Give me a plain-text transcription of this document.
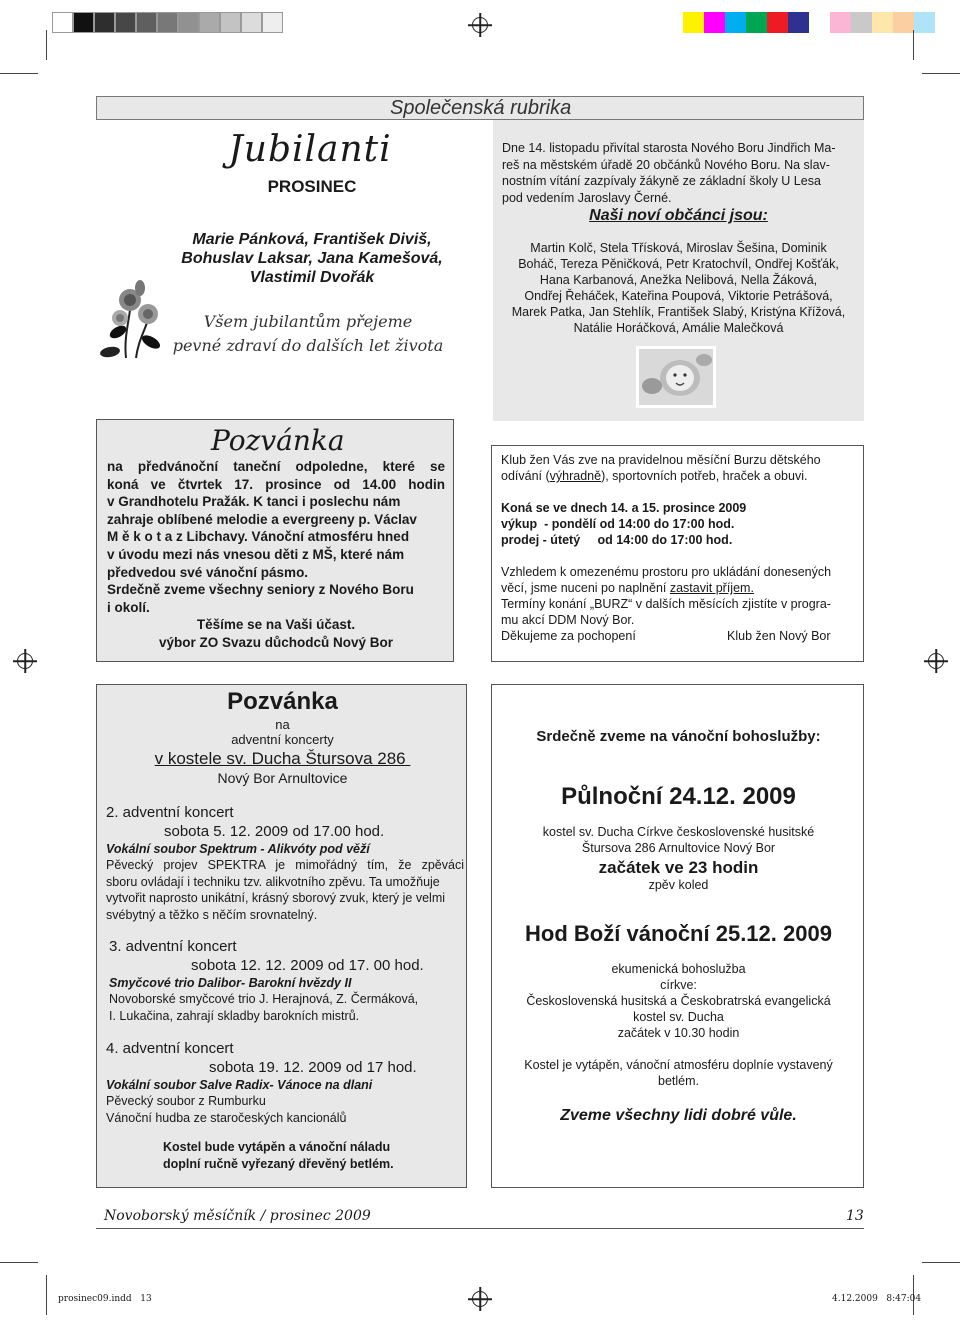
Společenská rubrika
Jubilanti
PROSINEC
Marie Pánková, František Diviš,
Bohuslav Laksar, Jana Kamešová,
Vlastimil Dvořák
Všem jubilantům přejeme
pevné zdraví do dalších let života
Dne 14. listopadu přivítal starosta Nového Boru Jindřich Ma-
reš na městském úřadě 20 občánků Nového Boru. Na slav-
nostním vítání zazpívaly žákyně ze základní školy U Lesa
pod vedením Jaroslavy Černé.
Naši noví občánci jsou:
Martin Kolč, Stela Třísková, Miroslav Šešina, Dominik
Boháč, Tereza Pěničková, Petr Kratochvíl, Ondřej Košťák,
Hana Karbanová, Anežka Nelibová, Nella Žáková,
Ondřej Řeháček, Kateřina Poupová, Viktorie Petrášová,
Marek Patka, Jan Stehlík, František Slabý, Kristýna Křížová,
Natálie Horáčková, Amálie Malečková
Pozvánka
na předvánoční taneční odpoledne, které se
koná ve čtvrtek 17. prosince od 14.00 hodin
v Grandhotelu Pražák. K tanci i poslechu nám
zahraje oblíbené melodie a evergreeny p. Václav
M ě k o t a z Libchavy. Vánoční atmosféru hned
v úvodu mezi nás vnesou děti z MŠ, které nám
předvedou své vánoční pásmo.
Srdečně zveme všechny seniory z Nového Boru
i okolí.
Těšíme se na Vaši účast.
výbor ZO Svazu důchodců Nový Bor
Klub žen Vás zve na pravidelnou měsíční Burzu dětského
odívání (výhradně), sportovních potřeb, hraček a obuvi.
Koná se ve dnech 14. a 15. prosince 2009
výkup  - pondělí od 14:00 do 17:00 hod.
prodej - útetý     od 14:00 do 17:00 hod.
Vzhledem k omezenému prostoru pro ukládání donesených
věcí, jsme nuceni po naplnění zastavit příjem.
Termíny konání „BURZ“ v dalších měsících zjistíte v progra-
mu akcí DDM Nový Bor.
Děkujeme za pochopení	Klub žen Nový Bor
Pozvánka
na
adventní koncerty
v kostele sv. Ducha Štursova 286
Nový Bor Arnultovice
2. adventní koncert
sobota 5. 12. 2009 od 17.00 hod.
Vokální soubor Spektrum - Alikvóty pod věží
Pěvecký projev SPEKTRA je mimořádný tím, že zpěváci
sboru ovládají i techniku tzv. alikvotního zpěvu. Ta umožňuje
vytvořit naprosto unikátní, krásný sborový zvuk, který je velmi
svébytný a těžko s něčím srovnatelný.
3. adventní koncert
sobota 12. 12. 2009 od 17. 00 hod.
Smyčcové trio Dalibor- Barokní hvězdy II
Novoborské smyčcové trio J. Herajnová, Z. Čermáková,
I. Lukačina, zahrají skladby barokních mistrů.
4. adventní koncert
sobota 19. 12. 2009 od 17 hod.
Vokální soubor Salve Radix- Vánoce na dlani
Pěvecký soubor z Rumburku
Vánoční hudba ze staročeských kancionálů
Kostel bude vytápěn a vánoční náladu
doplní ručně vyřezaný dřevěný betlém.
Srdečně zveme na vánoční bohoslužby:
Půlnoční 24.12. 2009
kostel sv. Ducha Církve československé husitské
Štursova 286 Arnultovice Nový Bor
začátek ve 23 hodin
zpěv koled
Hod Boží vánoční 25.12. 2009
ekumenická bohoslužba
církve:
Československá husitská a Českobratrská evangelická
kostel sv. Ducha
začátek v 10.30 hodin
Kostel je vytápěn, vánoční atmosféru doplníe vystavený
betlém.
Zveme všechny lidi dobré vůle.
Novoborský měsíčník / prosinec 2009	13
prosinec09.indd   13	4.12.2009   8:47:04
